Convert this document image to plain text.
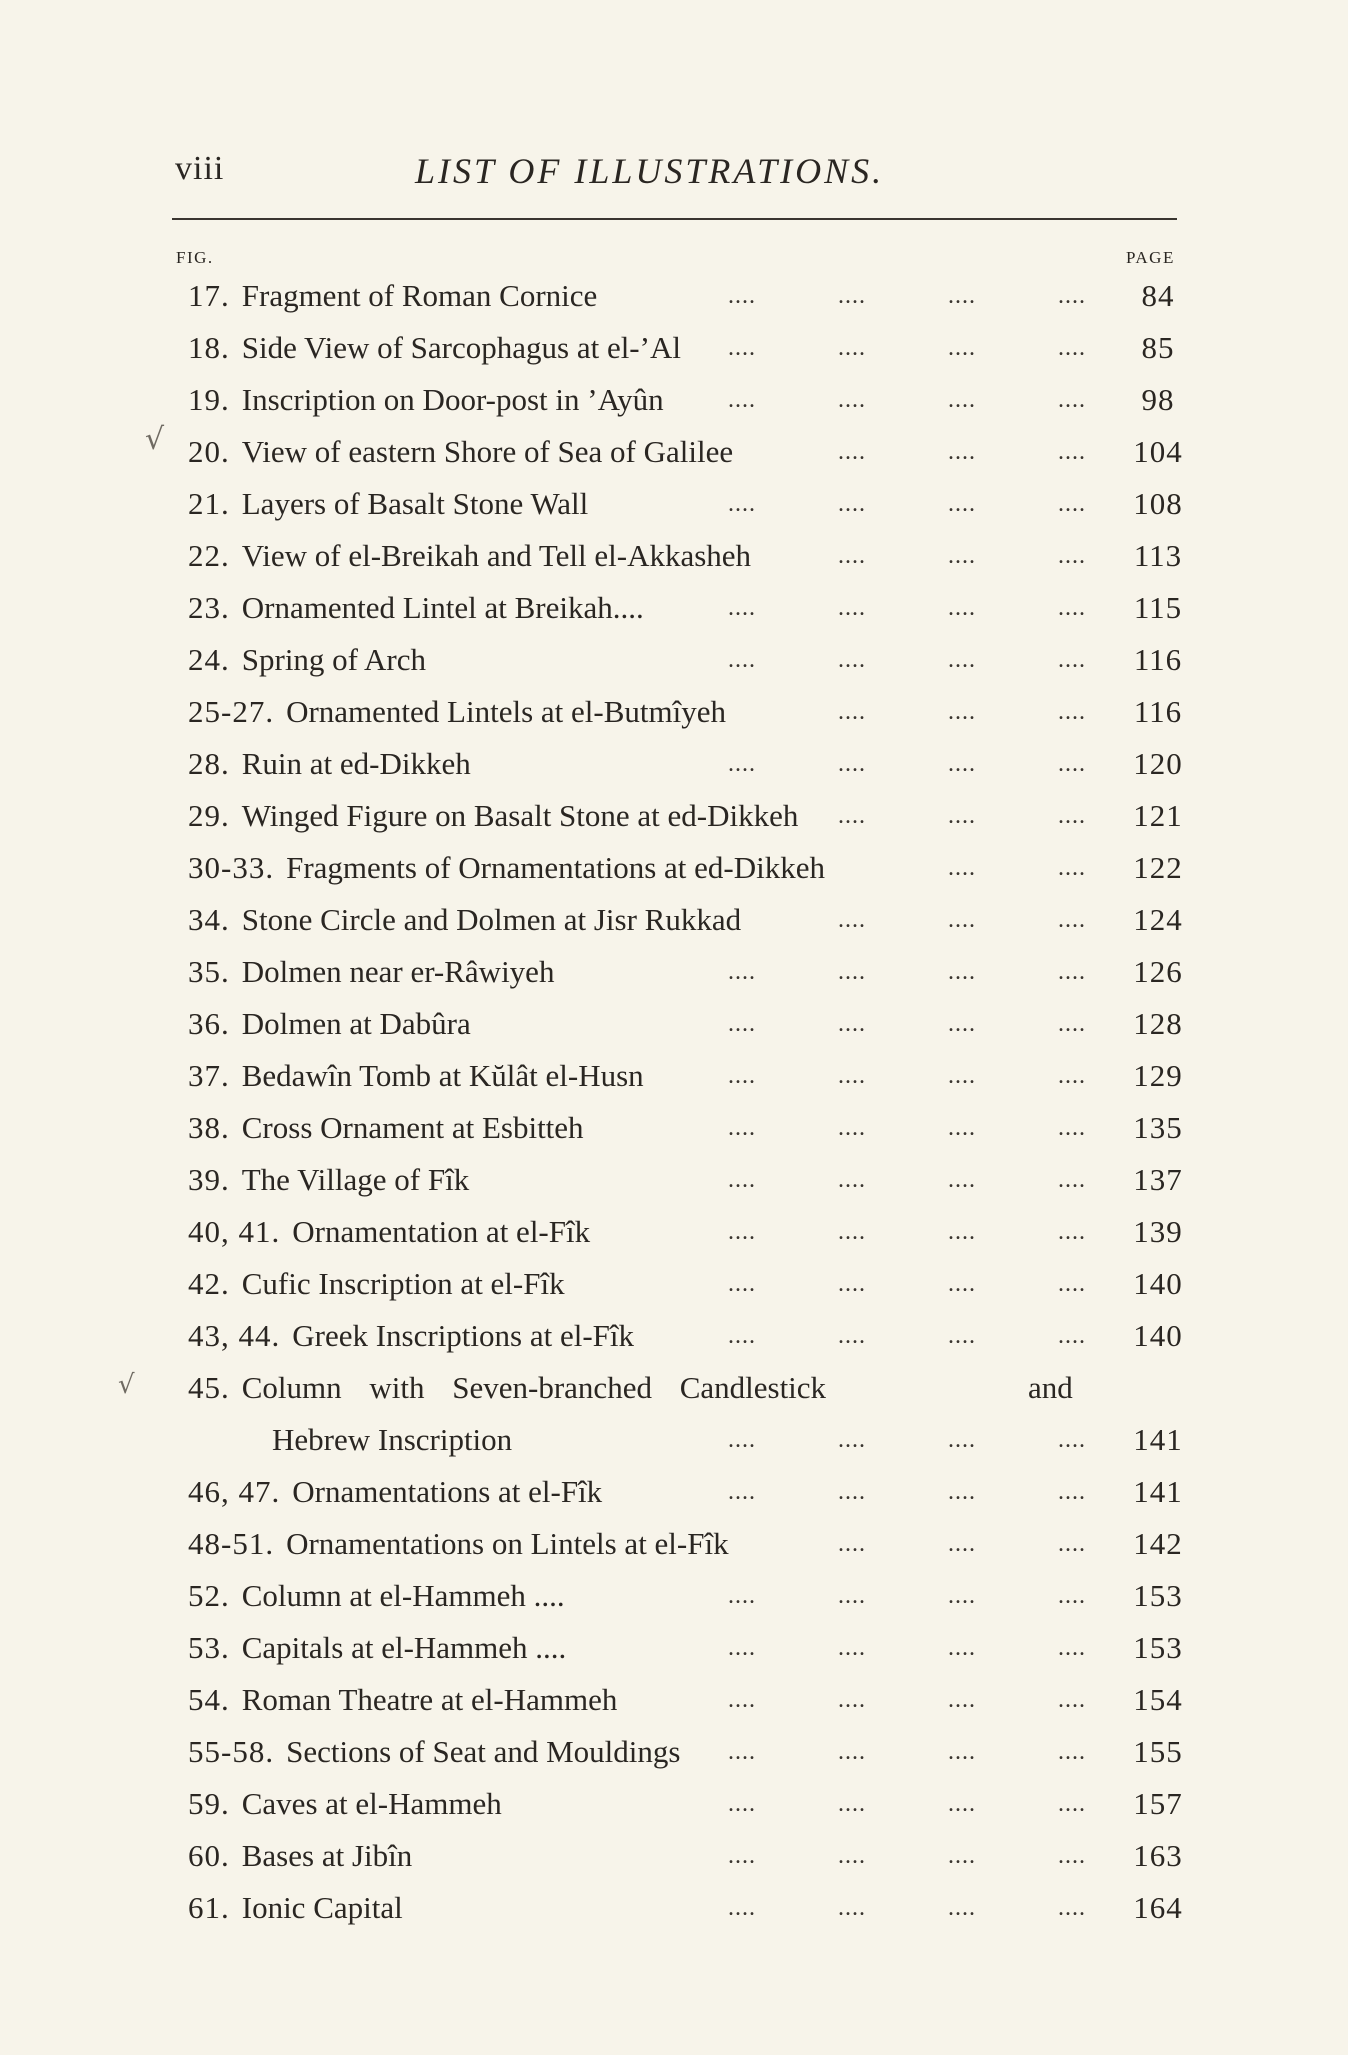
viii	LIST OF ILLUSTRATIONS.
FIG.	PAGE
√
√
17. Fragment of Roman Cornice	....	....	....	....	84
18. Side View of Sarcophagus at el-’Al ....	....	....	....	85
19. Inscription on Door-post in ’Ayûn	....	....	....	....	98
20. View of eastern Shore of Sea of Galilee	....	....	.... 104
21. Layers of Basalt Stone Wall	....	....	....	.... 108
22. View of el-Breikah and Tell el-Akkasheh	....	....	.... 113
23. Ornamented Lintel at Breikah....	....	....	....	.... 115
24. Spring of Arch	....	....	....	.... 116
25-27. Ornamented Lintels at el-Butmîyeh	....	....	.... 116
28. Ruin at ed-Dikkeh	....	....	....	.... 120
29. Winged Figure on Basalt Stone at ed-Dikkeh ....	....	.... 121
30-33. Fragments of Ornamentations at ed-Dikkeh	....	.... 122
34. Stone Circle and Dolmen at Jisr Rukkad	....	....	.... 124
35. Dolmen near er-Râwiyeh	....	....	....	.... 126
36. Dolmen at Dabûra	....	....	....	.... 128
37. Bedawîn Tomb at Kŭlât el-Husn	....	....	....	.... 129
38. Cross Ornament at Esbitteh	....	....	....	.... 135
39. The Village of Fîk	....	....	....	.... 137
40, 41. Ornamentation at el-Fîk	....	....	....	.... 139
42. Cufic Inscription at el-Fîk	....	....	....	.... 140
43, 44. Greek Inscriptions at el-Fîk	....	....	....	.... 140
45. Column with Seven-branched Candlestick	and
Hebrew Inscription	....	....	....	.... 141
46, 47. Ornamentations at el-Fîk	....	....	....	.... 141
48-51. Ornamentations on Lintels at el-Fîk	....	....	.... 142
52. Column at el-Hammeh ....	....	....	....	.... 153
53. Capitals at el-Hammeh ....	....	....	....	.... 153
54. Roman Theatre at el-Hammeh	....	....	....	.... 154
55-58. Sections of Seat and Mouldings ....	....	....	.... 155
59. Caves at el-Hammeh	....	....	....	.... 157
60. Bases at Jibîn	....	....	....	.... 163
61. Ionic Capital	....	....	....	.... 164
